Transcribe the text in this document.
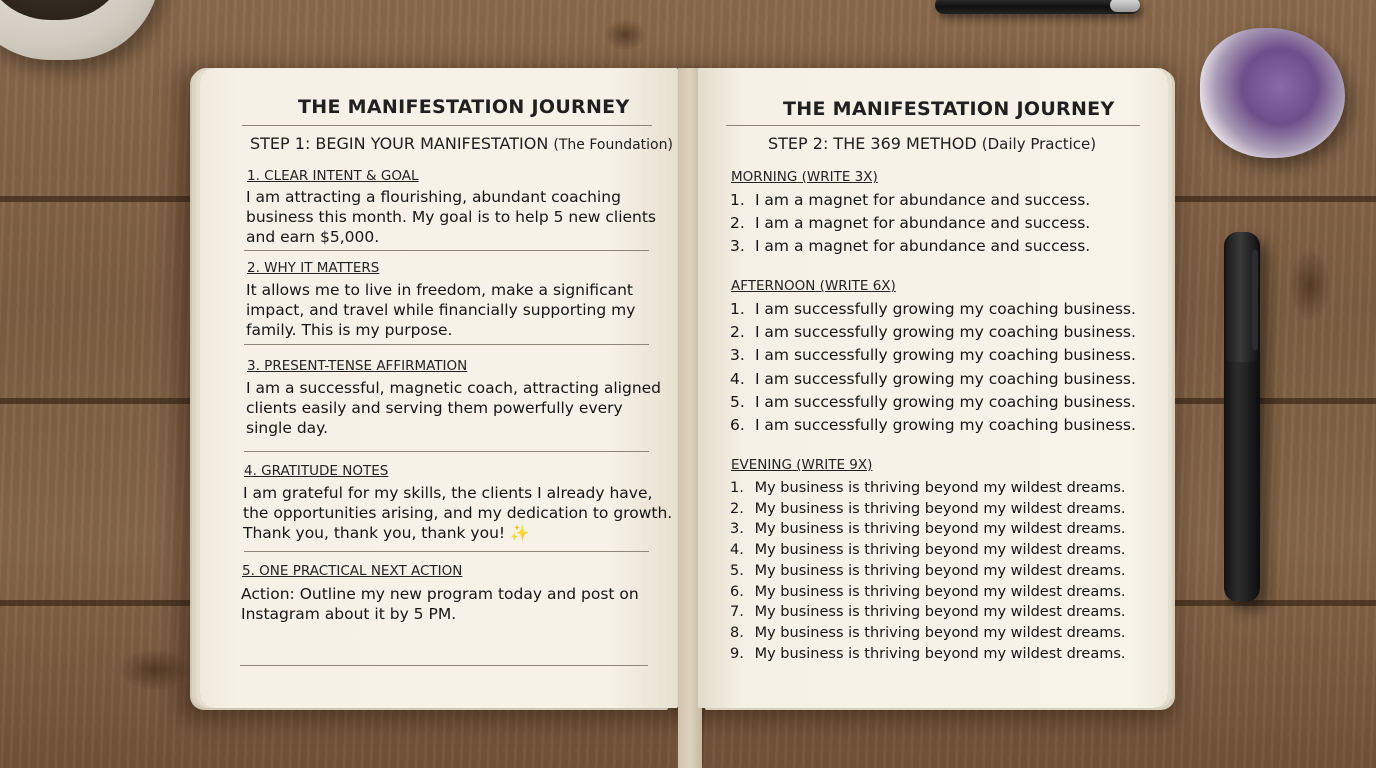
THE MANIFESTATION JOURNEY
STEP 1: BEGIN YOUR MANIFESTATION (The Foundation)
1. CLEAR INTENT & GOAL
I am attracting a flourishing, abundant coaching
business this month. My goal is to help 5 new clients
and earn $5,000.
2. WHY IT MATTERS
It allows me to live in freedom, make a significant
impact, and travel while financially supporting my
family. This is my purpose.
3. PRESENT-TENSE AFFIRMATION
I am a successful, magnetic coach, attracting aligned
clients easily and serving them powerfully every
single day.
4. GRATITUDE NOTES
I am grateful for my skills, the clients I already have,
the opportunities arising, and my dedication to growth.
Thank you, thank you, thank you! ✨
5. ONE PRACTICAL NEXT ACTION
Action: Outline my new program today and post on
Instagram about it by 5 PM.
THE MANIFESTATION JOURNEY
STEP 2: THE 369 METHOD (Daily Practice)
MORNING (WRITE 3X)
1. I am a magnet for abundance and success.
2. I am a magnet for abundance and success.
3. I am a magnet for abundance and success.
AFTERNOON (WRITE 6X)
1. I am successfully growing my coaching business.
2. I am successfully growing my coaching business.
3. I am successfully growing my coaching business.
4. I am successfully growing my coaching business.
5. I am successfully growing my coaching business.
6. I am successfully growing my coaching business.
EVENING (WRITE 9X)
1. My business is thriving beyond my wildest dreams.
2. My business is thriving beyond my wildest dreams.
3. My business is thriving beyond my wildest dreams.
4. My business is thriving beyond my wildest dreams.
5. My business is thriving beyond my wildest dreams.
6. My business is thriving beyond my wildest dreams.
7. My business is thriving beyond my wildest dreams.
8. My business is thriving beyond my wildest dreams.
9. My business is thriving beyond my wildest dreams.
